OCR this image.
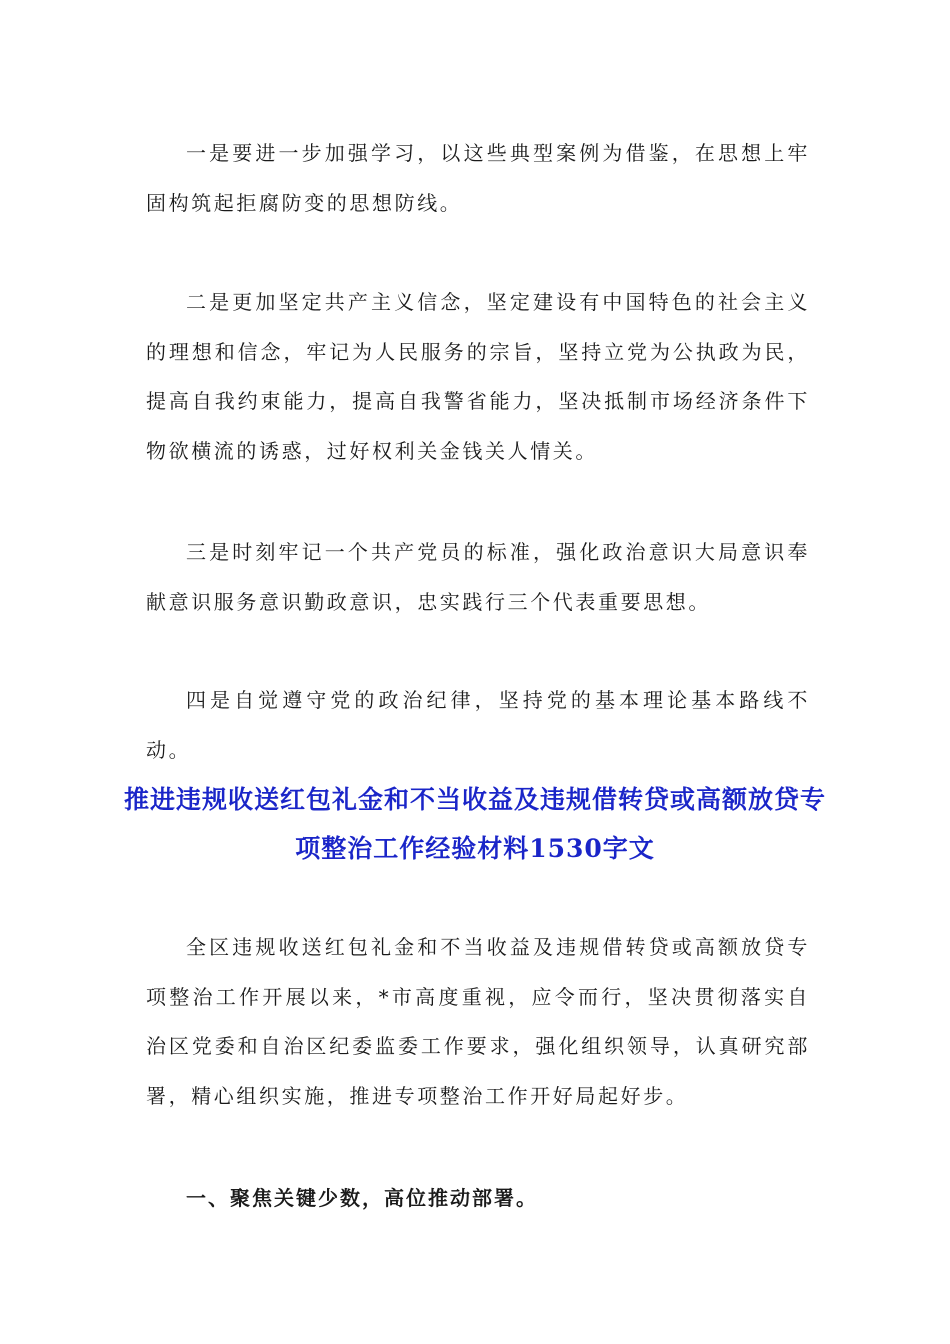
一是要进一步加强学习，以这些典型案例为借鉴，在思想上牢固构筑起拒腐防变的思想防线。

二是更加坚定共产主义信念，坚定建设有中国特色的社会主义的理想和信念，牢记为人民服务的宗旨，坚持立党为公执政为民，提高自我约束能力，提高自我警省能力，坚决抵制市场经济条件下物欲横流的诱惑，过好权利关金钱关人情关。

三是时刻牢记一个共产党员的标准，强化政治意识大局意识奉献意识服务意识勤政意识，忠实践行三个代表重要思想。

四是自觉遵守党的政治纪律，坚持党的基本理论基本路线不动。

推进违规收送红包礼金和不当收益及违规借转贷或高额放贷专项整治工作经验材料1530字文

全区违规收送红包礼金和不当收益及违规借转贷或高额放贷专项整治工作开展以来，*市高度重视，应令而行，坚决贯彻落实自治区党委和自治区纪委监委工作要求，强化组织领导，认真研究部署，精心组织实施，推进专项整治工作开好局起好步。

一、聚焦关键少数，高位推动部署。
